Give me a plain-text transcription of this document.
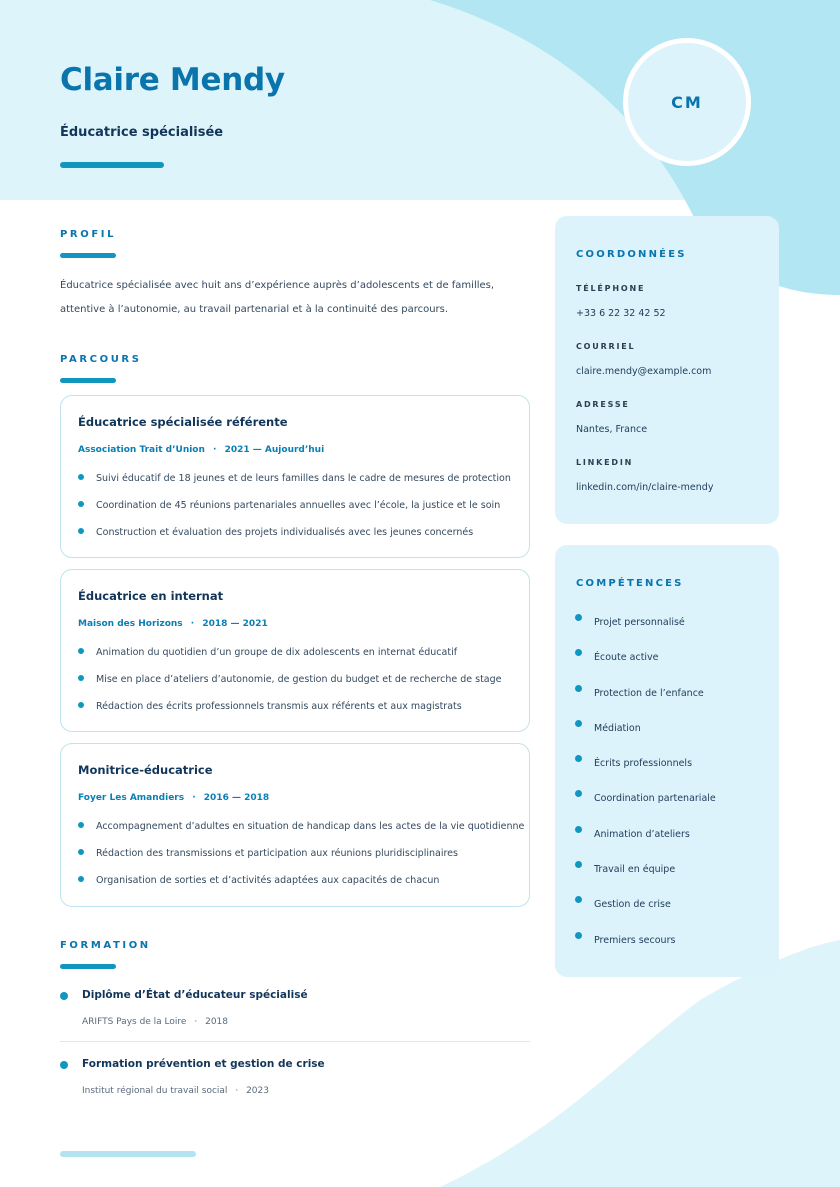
Claire Mendy
Éducatrice spécialisée
CM
PROFIL
Éducatrice spécialisée avec huit ans d’expérience auprès d’adolescents et de familles, attentive à l’autonomie, au travail partenarial et à la continuité des parcours.
PARCOURS
Éducatrice spécialisée référente
Association Trait d’Union · 2021 — Aujourd’hui
Suivi éducatif de 18 jeunes et de leurs familles dans le cadre de mesures de protection
Coordination de 45 réunions partenariales annuelles avec l’école, la justice et le soin
Construction et évaluation des projets individualisés avec les jeunes concernés
Éducatrice en internat
Maison des Horizons · 2018 — 2021
Animation du quotidien d’un groupe de dix adolescents en internat éducatif
Mise en place d’ateliers d’autonomie, de gestion du budget et de recherche de stage
Rédaction des écrits professionnels transmis aux référents et aux magistrats
Monitrice-éducatrice
Foyer Les Amandiers · 2016 — 2018
Accompagnement d’adultes en situation de handicap dans les actes de la vie quotidienne
Rédaction des transmissions et participation aux réunions pluridisciplinaires
Organisation de sorties et d’activités adaptées aux capacités de chacun
FORMATION
Diplôme d’État d’éducateur spécialisé
ARIFTS Pays de la Loire · 2018
Formation prévention et gestion de crise
Institut régional du travail social · 2023
COORDONNÉES
TÉLÉPHONE
+33 6 22 32 42 52
COURRIEL
claire.mendy@example.com
ADRESSE
Nantes, France
LINKEDIN
linkedin.com/in/claire-mendy
COMPÉTENCES
Projet personnalisé
Écoute active
Protection de l’enfance
Médiation
Écrits professionnels
Coordination partenariale
Animation d’ateliers
Travail en équipe
Gestion de crise
Premiers secours
